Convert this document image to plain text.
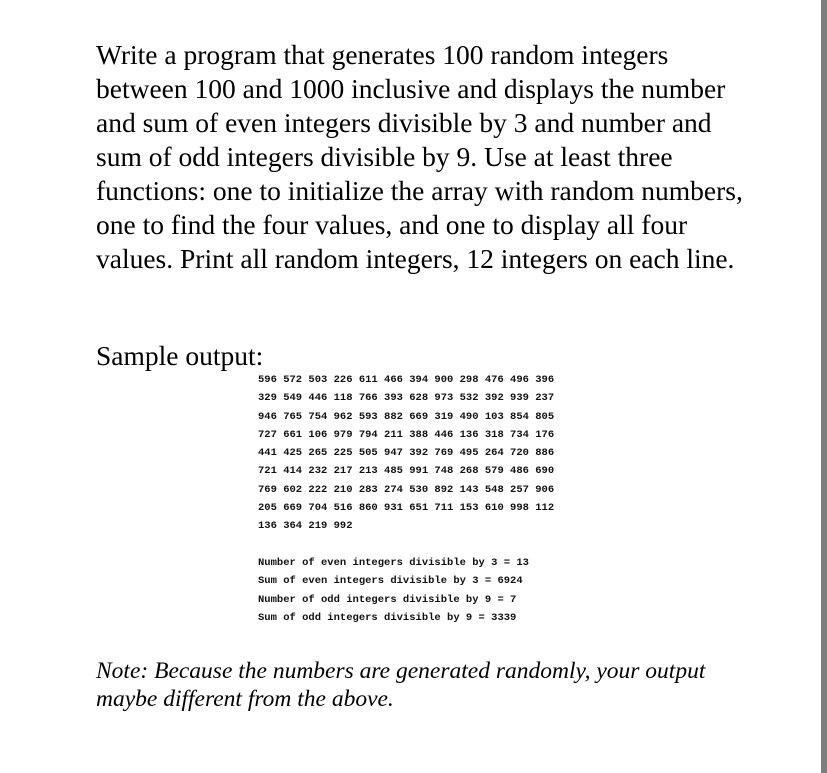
Write a program that generates 100 random integers between 100 and 1000 inclusive and displays the number and sum of even integers divisible by 3 and number and sum of odd integers divisible by 9. Use at least three functions: one to initialize the array with random numbers, one to find the four values, and one to display all four values. Print all random integers, 12 integers on each line.

Sample output:

596 572 503 226 611 466 394 900 298 476 496 396
329 549 446 118 766 393 628 973 532 392 939 237
946 765 754 962 593 882 669 319 490 103 854 805
727 661 106 979 794 211 388 446 136 318 734 176
441 425 265 225 505 947 392 769 495 264 720 886
721 414 232 217 213 485 991 748 268 579 486 690
769 602 222 210 283 274 530 892 143 548 257 906
205 669 704 516 860 931 651 711 153 610 998 112
136 364 219 992
Number of even integers divisible by 3 = 13
Sum of even integers divisible by 3 = 6924
Number of odd integers divisible by 9 = 7
Sum of odd integers divisible by 9 = 3339

Note: Because the numbers are generated randomly, your output maybe different from the above.
